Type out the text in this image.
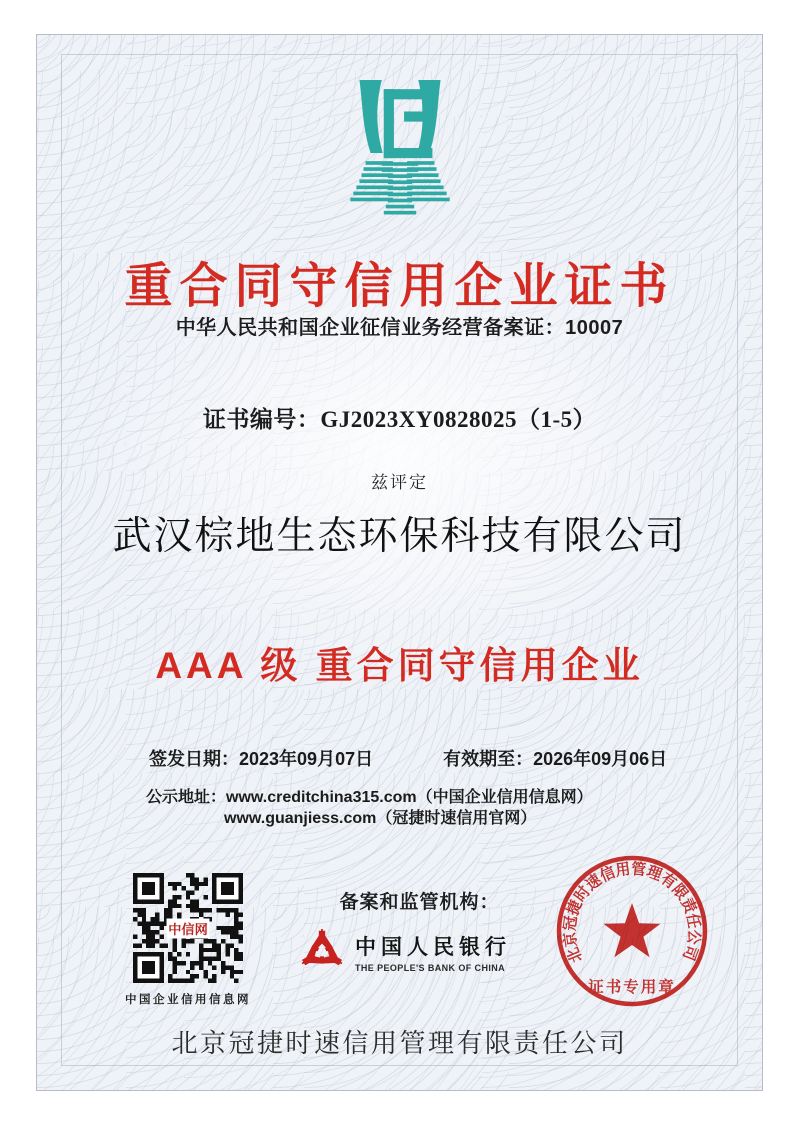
重合同守信用企业证书
中华人民共和国企业征信业务经营备案证：10007
证书编号：GJ2023XY0828025（1-5）
兹评定
武汉棕地生态环保科技有限公司
AAA 级 重合同守信用企业
签发日期：2023年09月07日	有效期至：2026年09月06日
公示地址：www.creditchina315.com（中国企业信用信息网）
www.guanjiess.com（冠捷时速信用官网）
中信网
中国企业信用信息网
备案和监管机构：
中国人民银行
THE PEOPLE'S BANK OF CHINA
北京冠捷时速信用管理有限责任公司
证书专用章
北京冠捷时速信用管理有限责任公司
